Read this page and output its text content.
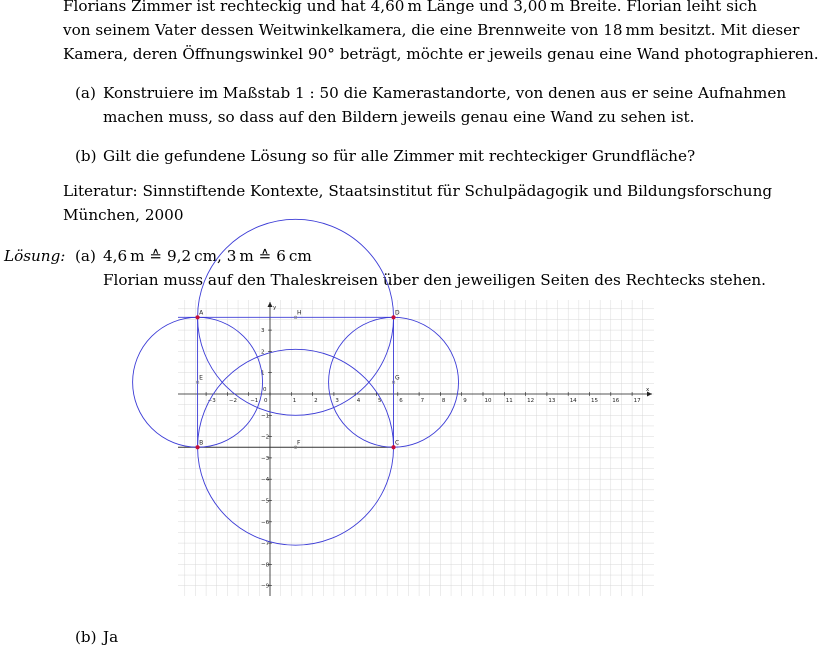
Florians Zimmer ist rechteckig und hat 4,60 m Länge und 3,00 m Breite. Florian leiht sich
von seinem Vater dessen Weitwinkelkamera, die eine Brennweite von 18 mm besitzt. Mit dieser
Kamera, deren Öffnungswinkel 90° beträgt, möchte er jeweils genau eine Wand photographieren.
(a) Konstruiere im Maßstab 1 : 50 die Kamerastandorte, von denen aus er seine Aufnahmen
machen muss, so dass auf den Bildern jeweils genau eine Wand zu sehen ist.
(b) Gilt die gefundene Lösung so für alle Zimmer mit rechteckiger Grundfläche?
Literatur: Sinnstiftende Kontexte, Staatsinstitut für Schulpädagogik und Bildungsforschung
München, 2000
Lösung: (a) 4,6 m ≙ 9,2 cm, 3 m ≙ 6 cm
Florian muss auf den Thaleskreisen über den jeweiligen Seiten des Rechtecks stehen.
x
y
−3 −2 −1 0	1	2	3	4	5	6	7	8	9	10	11	12	13	14	15	16	17
3
2
1
0
−1
−2
−3
−4
−5
−6
−7
−8
−9
A
B	C
D
E
F
G
H
(b) Ja
